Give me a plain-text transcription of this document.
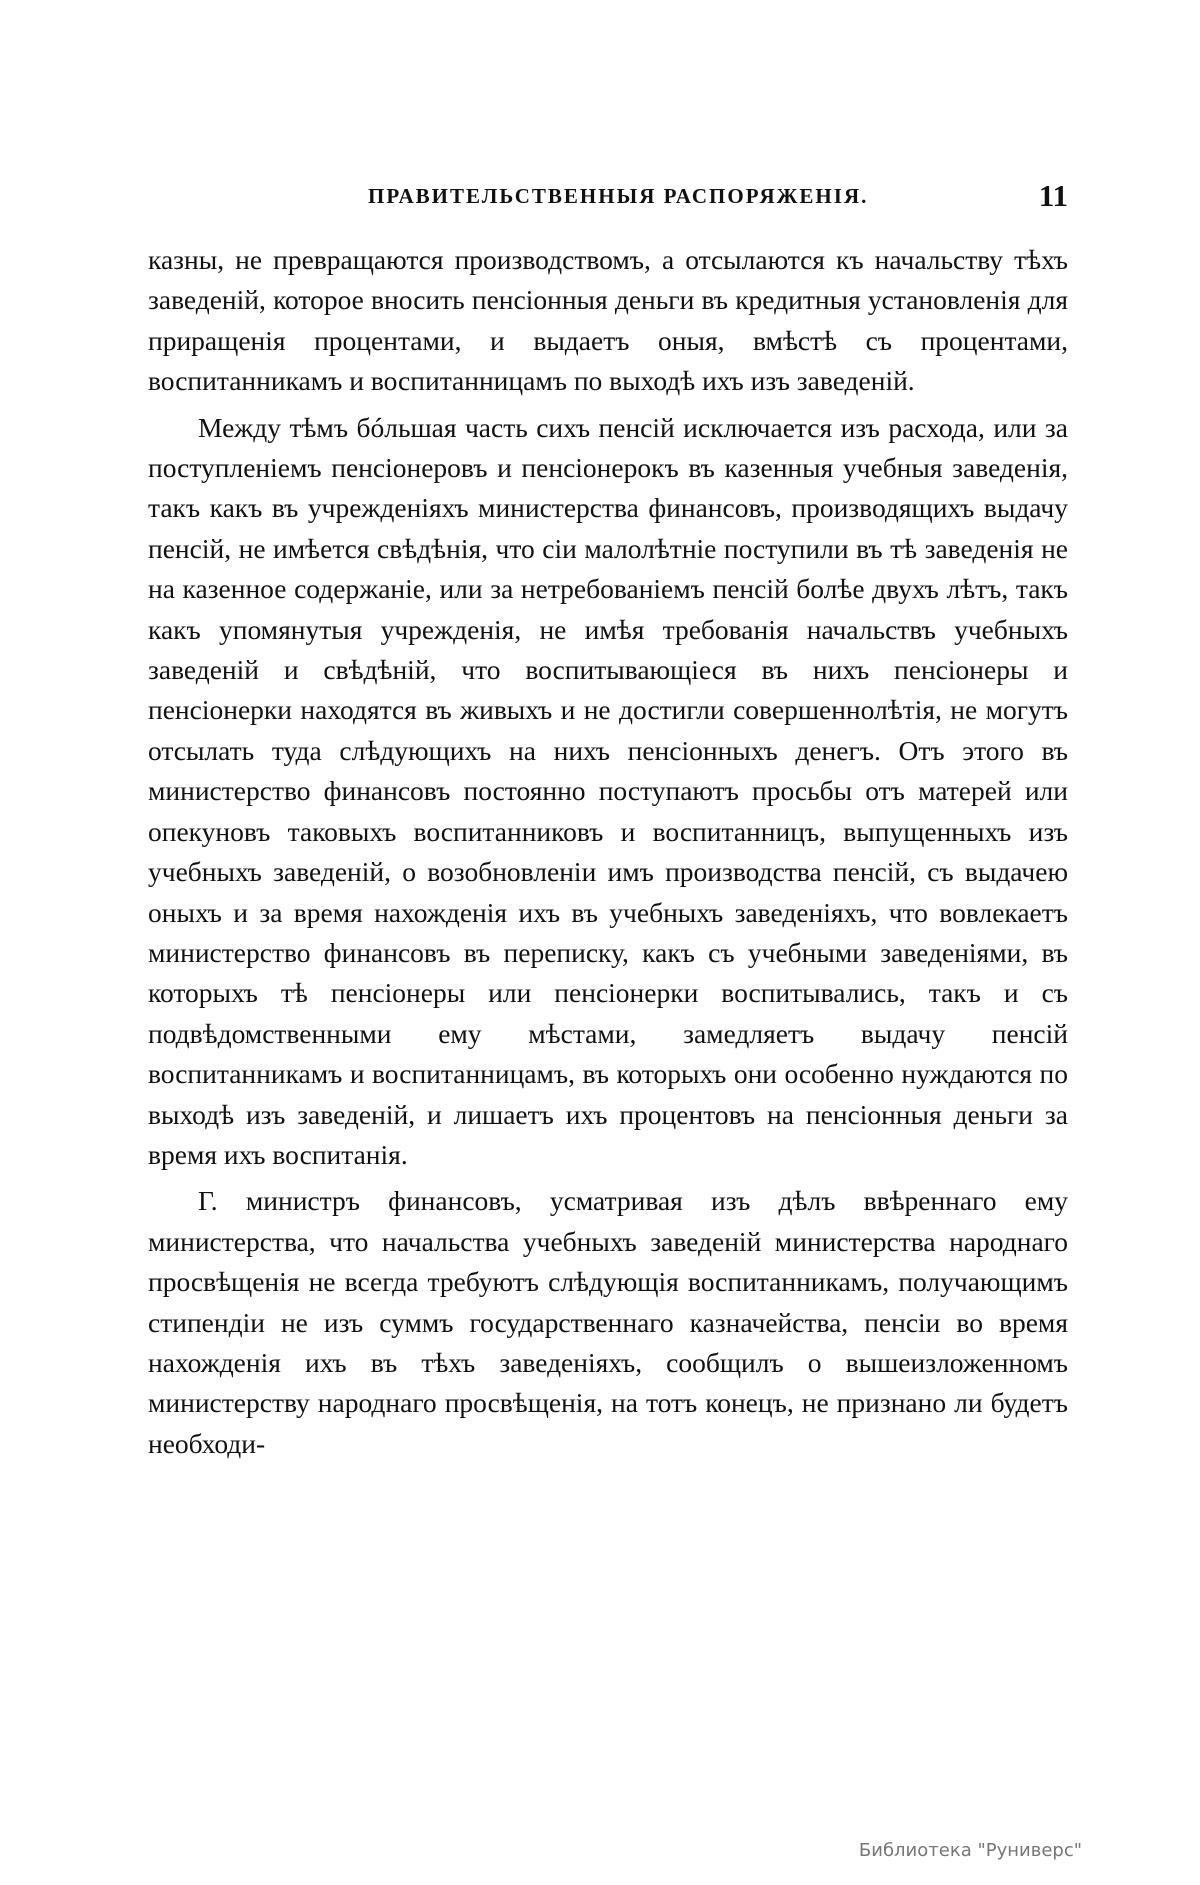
ПРАВИТЕЛЬСТВЕННЫЯ РАСПОРЯЖЕНІЯ.	11

казны, не превращаются производствомъ, а отсылаются къ начальству тѣхъ заведеній, которое вносить пенсіонныя деньги въ кредитныя установленія для приращенія процентами, и выдаетъ оныя, вмѣстѣ съ процентами, воспитанникамъ и воспитанницамъ по выходѣ ихъ изъ заведеній.

Между тѣмъ бóльшая часть сихъ пенсій исключается изъ расхода, или за поступленіемъ пенсіонеровъ и пенсіонерокъ въ казенныя учебныя заведенія, такъ какъ въ учрежденіяхъ министерства финансовъ, производящихъ выдачу пенсій, не имѣется свѣдѣнія, что сіи малолѣтніе поступили въ тѣ заведенія не на казенное содержаніе, или за нетребованіемъ пенсій болѣе двухъ лѣтъ, такъ какъ упомянутыя учрежденія, не имѣя требованія начальствъ учебныхъ заведеній и свѣдѣній, что воспитывающіеся въ нихъ пенсіонеры и пенсіонерки находятся въ живыхъ и не достигли совершеннолѣтія, не могутъ отсылать туда слѣдующихъ на нихъ пенсіонныхъ денегъ. Отъ этого въ министерство финансовъ постоянно поступаютъ просьбы отъ матерей или опекуновъ таковыхъ воспитанниковъ и воспитанницъ, выпущенныхъ изъ учебныхъ заведеній, о возобновленіи имъ производства пенсій, съ выдачею оныхъ и за время нахожденія ихъ въ учебныхъ заведеніяхъ, что вовлекаетъ министерство финансовъ въ переписку, какъ съ учебными заведеніями, въ которыхъ тѣ пенсіонеры или пенсіонерки воспитывались, такъ и съ подвѣдомственными ему мѣстами, замедляетъ выдачу пенсій воспитанникамъ и воспитанницамъ, въ которыхъ они особенно нуждаются по выходѣ изъ заведеній, и лишаетъ ихъ процентовъ на пенсіонныя деньги за время ихъ воспитанія.

Г. министръ финансовъ, усматривая изъ дѣлъ ввѣреннаго ему министерства, что начальства учебныхъ заведеній министерства народнаго просвѣщенія не всегда требуютъ слѣдующія воспитанникамъ, получающимъ стипендіи не изъ суммъ государственнаго казначейства, пенсіи во время нахожденія ихъ въ тѣхъ заведеніяхъ, сообщилъ о вышеизложенномъ министерству народнаго просвѣщенія, на тотъ конецъ, не признано ли будетъ необходи-

Библиотека "Руниверс"
